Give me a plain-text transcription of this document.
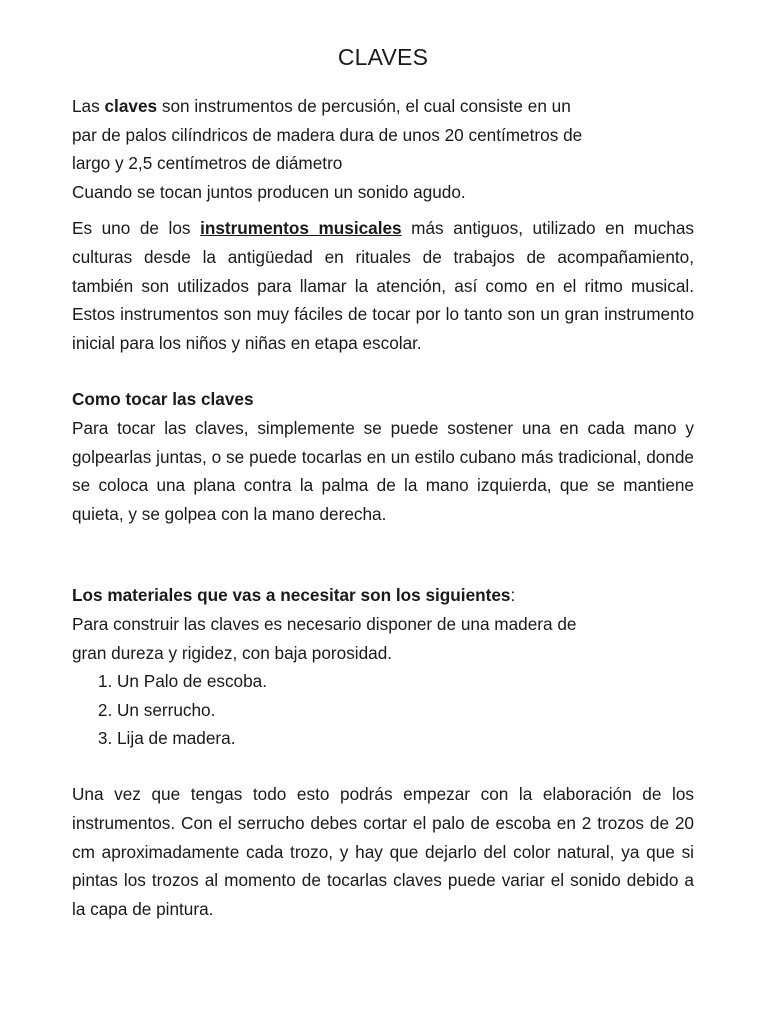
CLAVES

Las claves son instrumentos de percusión, el cual consiste en un
par de palos cilíndricos de madera dura de unos 20 centímetros de
largo y 2,5 centímetros de diámetro
Cuando se tocan juntos producen un sonido agudo.

Es uno de los instrumentos musicales más antiguos, utilizado en muchas culturas desde la antigüedad en rituales de trabajos de acompañamiento, también son utilizados para llamar la atención, así como en el ritmo musical. Estos instrumentos son muy fáciles de tocar por lo tanto son un gran instrumento inicial para los niños y niñas en etapa escolar.

Como tocar las claves

Para tocar las claves, simplemente se puede sostener una en cada mano y golpearlas juntas, o se puede tocarlas en un estilo cubano más tradicional, donde se coloca una plana contra la palma de la mano izquierda, que se mantiene quieta, y se golpea con la mano derecha.

Los materiales que vas a necesitar son los siguientes:

Para construir las claves es necesario disponer de una madera de
gran dureza y rigidez, con baja porosidad.

1. Un Palo de escoba.
2. Un serrucho.
3. Lija de madera.

Una vez que tengas todo esto podrás empezar con la elaboración de los instrumentos. Con el serrucho debes cortar el palo de escoba en 2 trozos de 20 cm aproximadamente cada trozo, y hay que dejarlo del color natural, ya que si pintas los trozos al momento de tocarlas claves puede variar el sonido debido a la capa de pintura.
